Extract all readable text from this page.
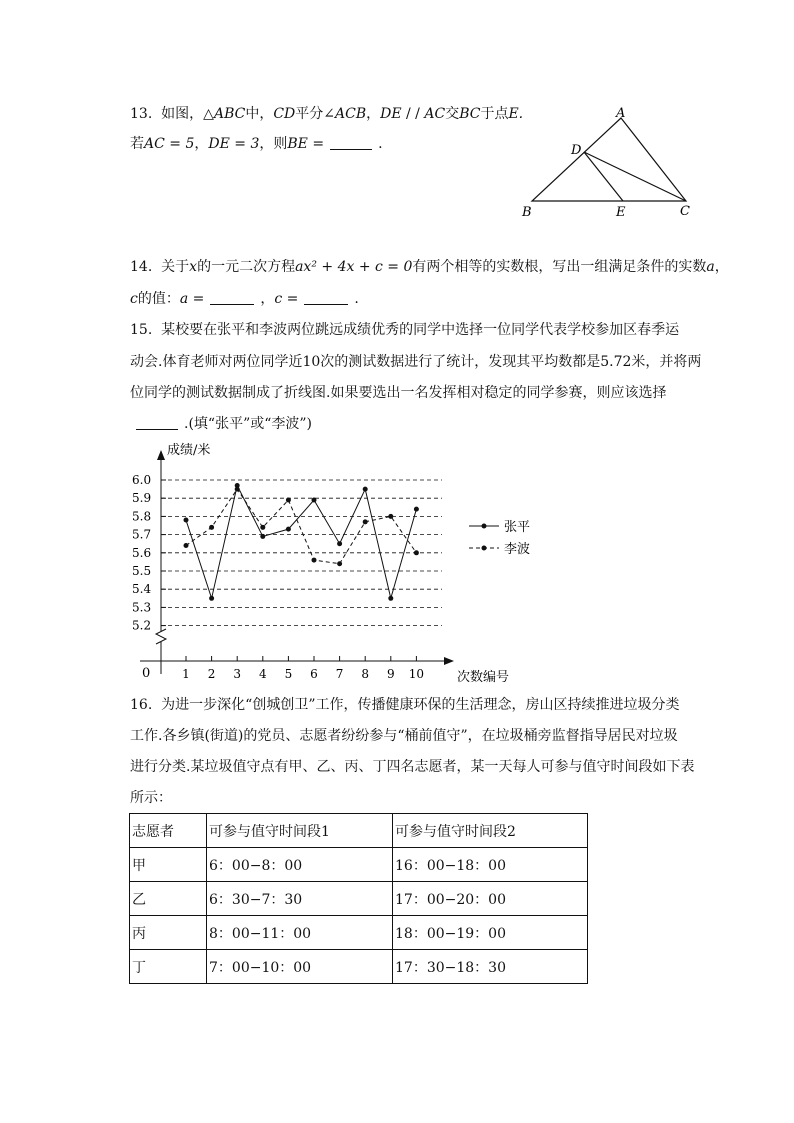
13. 如图，△ABC中，CD平分∠ACB，DE / / AC交BC于点E.
若AC = 5，DE = 3，则BE =	.
A
D
B	E	C
14. 关于x的一元二次方程ax² + 4x + c = 0有两个相等的实数根，写出一组满足条件的实数a，
c的值：a =	，c =	.
15. 某校要在张平和李波两位跳远成绩优秀的同学中选择一位同学代表学校参加区春季运
动会.体育老师对两位同学近10次的测试数据进行了统计，发现其平均数都是5.72米，并将两
位同学的测试数据制成了折线图.如果要选出一名发挥相对稳定的同学参赛，则应该选择
.(填“张平”或“李波”)
5.2
5.3
5.4
5.5
5.6
5.7
5.8
5.9
6.0
1 2 3 4 5 6 7 8 9 10
成绩/米
次数编号
0
张平
李波
16. 为进一步深化“创城创卫”工作，传播健康环保的生活理念，房山区持续推进垃圾分类
工作.各乡镇(街道)的党员、志愿者纷纷参与“桶前值守”，在垃圾桶旁监督指导居民对垃圾
进行分类.某垃圾值守点有甲、乙、丙、丁四名志愿者，某一天每人可参与值守时间段如下表
所示：
志愿者	可参与值守时间段1	可参与值守时间段2
甲	6：00−8：00	16：00−18：00
乙	6：30−7：30	17：00−20：00
丙	8：00−11：00	18：00−19：00
丁	7：00−10：00	17：30−18：30
